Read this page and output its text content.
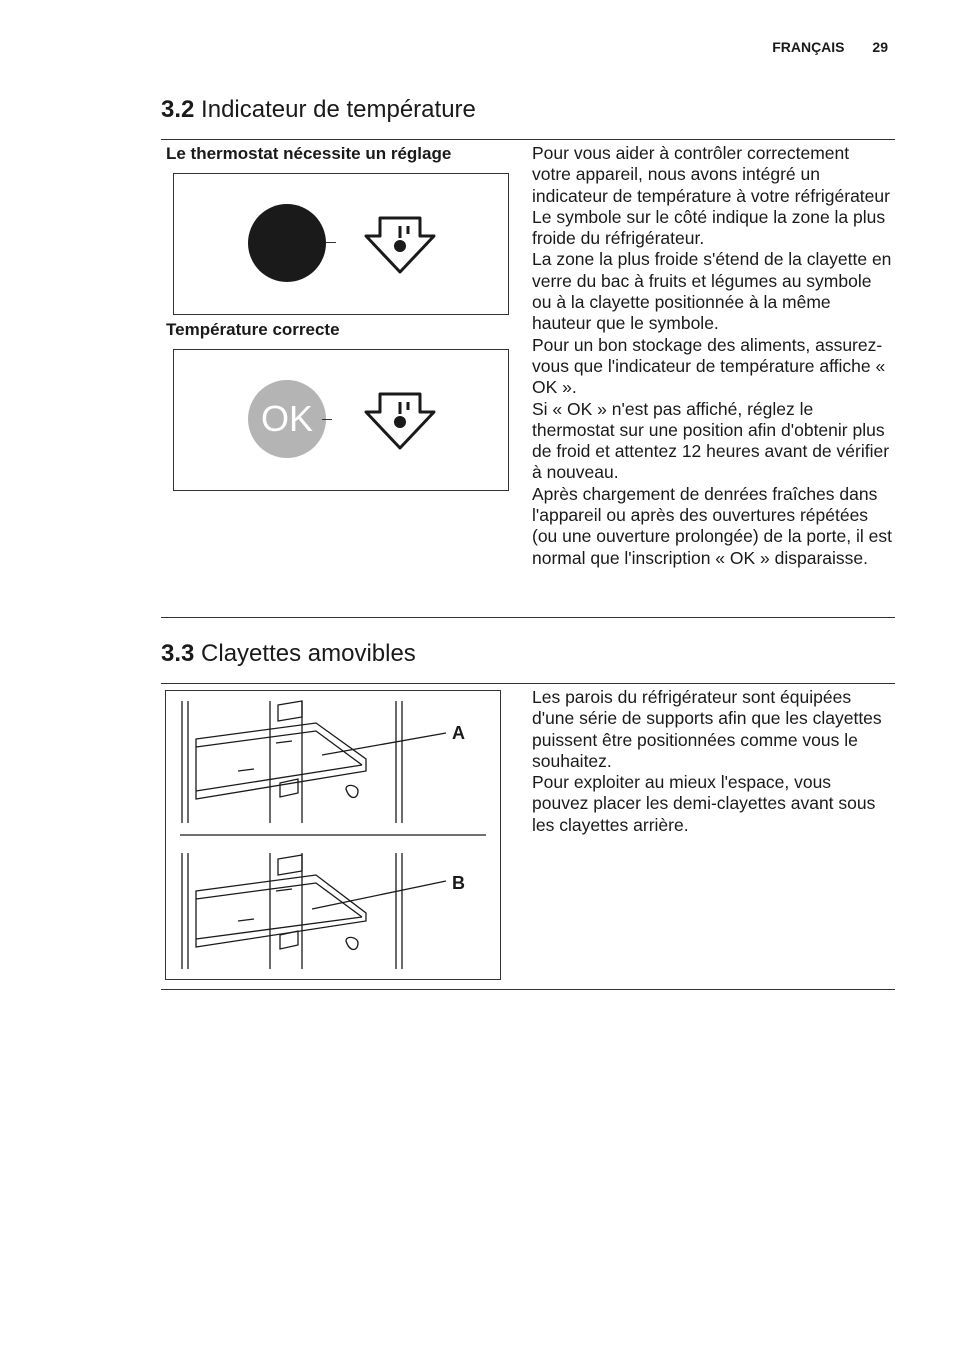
FRANÇAIS 29
3.2 Indicateur de température
Le thermostat nécessite un réglage
Température correcte
OK

Pour vous aider à contrôler correctement votre appareil, nous avons intégré un indicateur de température à votre réfrigérateur

Le symbole sur le côté indique la zone la plus froide du réfrigérateur.

La zone la plus froide s'étend de la clayette en verre du bac à fruits et légumes au symbole ou à la clayette positionnée à la même hauteur que le symbole.

Pour un bon stockage des aliments, assurez-vous que l'indicateur de température affiche « OK ».

Si « OK » n'est pas affiché, réglez le thermostat sur une position afin d'obtenir plus de froid et attentez 12 heures avant de vérifier à nouveau.

Après chargement de denrées fraîches dans l'appareil ou après des ouvertures répétées (ou une ouverture prolongée) de la porte, il est normal que l'inscription « OK » disparaisse.

3.3 Clayettes amovibles
A
B

Les parois du réfrigérateur sont équipées d'une série de supports afin que les clayettes puissent être positionnées comme vous le souhaitez.

Pour exploiter au mieux l'espace, vous pouvez placer les demi-clayettes avant sous les clayettes arrière.
